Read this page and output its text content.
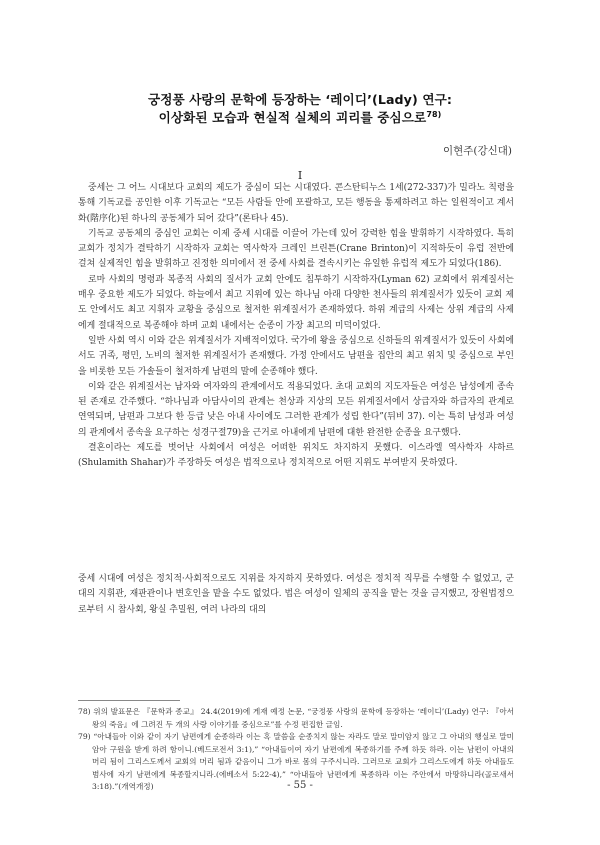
궁정풍 사랑의 문학에 등장하는 ‘레이디’(Lady) 연구:
이상화된 모습과 현실적 실체의 괴리를 중심으로$^{78)}$
이현주(강신대)
I

중세는 그 어느 시대보다 교회의 제도가 중심이 되는 시대였다. 콘스탄티누스 1세(272-337)가 밀라노 칙령을 통해 기독교를 공인한 이후 기독교는 “모든 사람들 안에 포괄하고, 모든 행동을 통제하려고 하는 일원적이고 계서화(階序化)된 하나의 공동체가 되어 갔다”(론타나 45).

기독교 공동체의 중심인 교회는 이제 중세 시대를 이끌어 가는데 있어 강력한 힘을 발휘하기 시작하였다. 특히 교회가 정치가 결탁하기 시작하자 교회는 역사학자 크레인 브린튼(Crane Brinton)이 지적하듯이 유럽 전반에 걸쳐 실제적인 힘을 발휘하고 진정한 의미에서 전 중세 사회를 결속시키는 유일한 유럽적 제도가 되었다(186).

로마 사회의 명령과 복종적 사회의 질서가 교회 안에도 침투하기 시작하자(Lyman 62) 교회에서 위계질서는 매우 중요한 제도가 되었다. 하늘에서 최고 지위에 있는 하나님 아래 다양한 천사들의 위계질서가 있듯이 교회 제도 안에서도 최고 지휘자 교황을 중심으로 철저한 위계질서가 존재하였다. 하위 계급의 사제는 상위 계급의 사제에게 절대적으로 복종해야 하며 교회 내에서는 순종이 가장 최고의 미덕이었다.

일반 사회 역시 이와 같은 위계질서가 지배적이었다. 국가에 왕을 중심으로 신하들의 위계질서가 있듯이 사회에서도 귀족, 평민, 노비의 철저한 위계질서가 존재했다. 가정 안에서도 남편을 집안의 최고 위치 및 중심으로 부인을 비롯한 모든 가솔들이 철저하게 남편의 말에 순종해야 했다.

이와 같은 위계질서는 남자와 여자와의 관계에서도 적용되었다. 초대 교회의 지도자들은 여성은 남성에게 종속된 존재로 간주했다. “하나님과 아담사이의 관계는 천상과 지상의 모든 위계질서에서 상급자와 하급자의 관계로 연역되며, 남편과 그보다 한 등급 낮은 아내 사이에도 그러한 관계가 성립 한다”(뒤비 37). 이는 특히 남성과 여성의 관계에서 종속을 요구하는 성경구절79)을 근거로 아내에게 남편에 대한 완전한 순종을 요구했다.

결혼이라는 제도를 벗어난 사회에서 여성은 어떠한 위치도 차지하지 못했다. 이스라엘 역사학자 샤하르(Shulamith Shahar)가 주장하듯 여성은 법적으로나 정치적으로 어떤 지위도 부여받지 못하였다.

중세 시대에 여성은 정치적·사회적으로도 지위를 차지하지 못하였다. 여성은 정치적 직무를 수행할 수 없었고, 군대의 지휘관, 재판관이나 변호인을 맡을 수도 없었다. 법은 여성이 일체의 공직을 맡는 것을 금지했고, 장원법정으로부터 시 참사회, 왕실 추밀원, 여러 나라의 대의

78) 위의 발표문은 『문학과 종교』 24.4(2019)에 게재 예정 논문, “궁정풍 사랑의 문학에 등장하는 ‘레이디’(Lady) 연구: 『아서왕의 죽음』에 그려진 두 개의 사랑 이야기를 중심으로”를 수정 편집한 글임.

79) “아내들아 이와 같이 자기 남편에게 순종하라 이는 혹 말씀을 순종치지 않는 자라도 말로 말미암지 않고 그 아내의 행실로 말미암아 구원을 받게 하려 함이니.(베드로전서 3:1),” “아내들이여 자기 남편에게 복종하기를 주께 하듯 하라. 이는 남편이 아내의 머리 됨이 그리스도께서 교회의 머리 됨과 같음이니 그가 바로 몸의 구주시니라. 그러므로 교회가 그리스도에게 하듯 아내들도 범사에 자기 남편에게 복종할지니라.(에베소서 5:22-4),” “아내들아 남편에게 복종하라 이는 주안에서 마땅하니라(골로새서 3:18).”(개역개정)	- 55 -
